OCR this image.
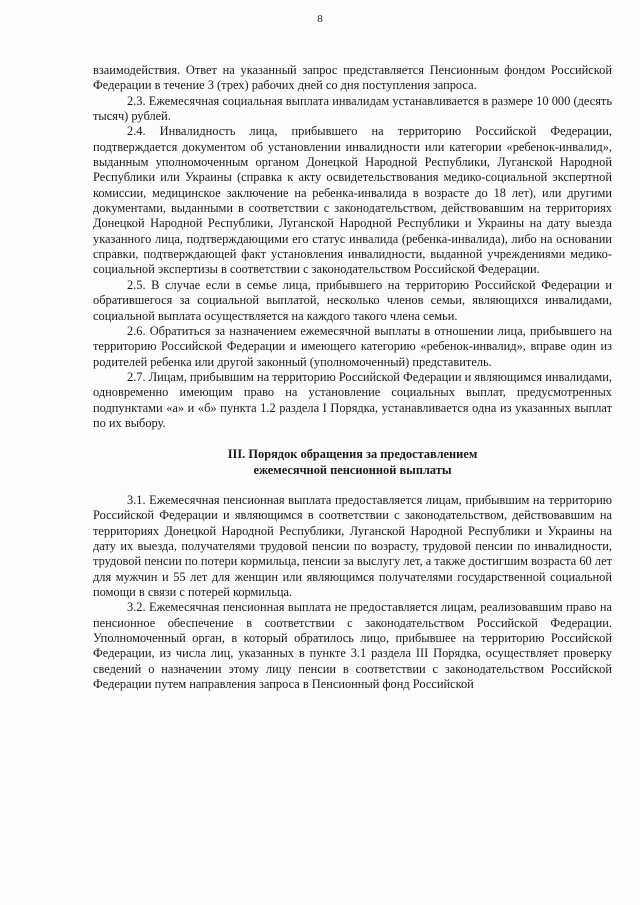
8

взаимодействия. Ответ на указанный запрос представляется Пенсионным фондом Российской Федерации в течение 3 (трех) рабочих дней со дня поступления запроса.

2.3. Ежемесячная социальная выплата инвалидам устанавливается в размере 10 000 (десять тысяч) рублей.

2.4. Инвалидность лица, прибывшего на территорию Российской Федерации, подтверждается документом об установлении инвалидности или категории «ребенок-инвалид», выданным уполномоченным органом Донецкой Народной Республики, Луганской Народной Республики или Украины (справка к акту освидетельствования медико-социальной экспертной комиссии, медицинское заключение на ребенка-инвалида в возрасте до 18 лет), или другими документами, выданными в соответствии с законодательством, действовавшим на территориях Донецкой Народной Республики, Луганской Народной Республики и Украины на дату выезда указанного лица, подтверждающими его статус инвалида (ребенка-инвалида), либо на основании справки, подтверждающей факт установления инвалидности, выданной учреждениями медико-социальной экспертизы в соответствии с законодательством Российской Федерации.

2.5. В случае если в семье лица, прибывшего на территорию Российской Федерации и обратившегося за социальной выплатой, несколько членов семьи, являющихся инвалидами, социальной выплата осуществляется на каждого такого члена семьи.

2.6. Обратиться за назначением ежемесячной выплаты в отношении лица, прибывшего на территорию Российской Федерации и имеющего категорию «ребенок-инвалид», вправе один из родителей ребенка или другой законный (уполномоченный) представитель.

2.7. Лицам, прибывшим на территорию Российской Федерации и являющимся инвалидами, одновременно имеющим право на установление социальных выплат, предусмотренных подпунктами «а» и «б» пункта 1.2 раздела I Порядка, устанавливается одна из указанных выплат по их выбору.

III. Порядок обращения за предоставлением
ежемесячной пенсионной выплаты

3.1. Ежемесячная пенсионная выплата предоставляется лицам, прибывшим на территорию Российской Федерации и являющимся в соответствии с законодательством, действовавшим на территориях Донецкой Народной Республики, Луганской Народной Республики и Украины на дату их выезда, получателями трудовой пенсии по возрасту, трудовой пенсии по инвалидности, трудовой пенсии по потери кормильца, пенсии за выслугу лет, а также достигшим возраста 60 лет для мужчин и 55 лет для женщин или являющимся получателями государственной социальной помощи в связи с потерей кормильца.

3.2. Ежемесячная пенсионная выплата не предоставляется лицам, реализовавшим право на пенсионное обеспечение в соответствии с законодательством Российской Федерации. Уполномоченный орган, в который обратилось лицо, прибывшее на территорию Российской Федерации, из числа лиц, указанных в пункте 3.1 раздела III Порядка, осуществляет проверку сведений о назначении этому лицу пенсии в соответствии с законодательством Российской Федерации путем направления запроса в Пенсионный фонд Российской
